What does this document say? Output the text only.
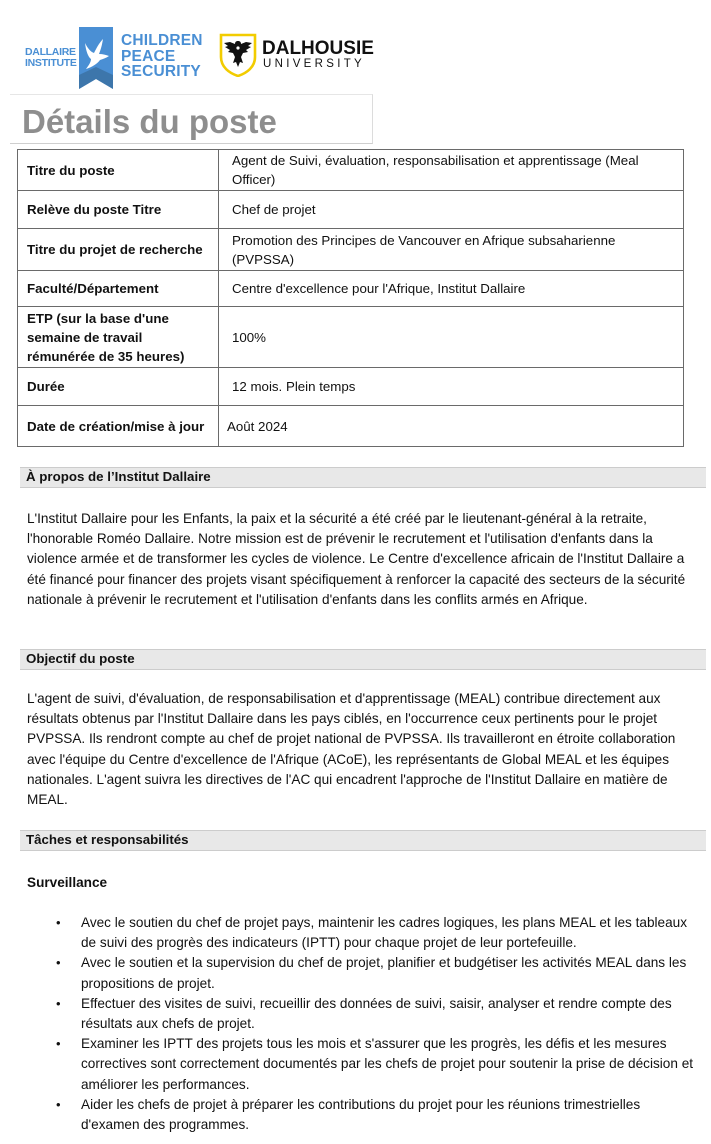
DALLAIRE
INSTITUTE
CHILDREN
PEACE
SECURITY
DALHOUSIE
UNIVERSITY
Détails du poste
Titre du poste	Agent de Suivi, évaluation, responsabilisation et apprentissage (Meal Officer)
Relève du poste Titre	Chef de projet
Titre du projet de recherche	Promotion des Principes de Vancouver en Afrique subsaharienne (PVPSSA)
Faculté/Département	Centre d'excellence pour l'Afrique, Institut Dallaire
ETP (sur la base d'une semaine de travail rémunérée de 35 heures)	100%
Durée	12 mois. Plein temps
Date de création/mise à jour	Août 2024
À propos de l’Institut Dallaire
L'Institut Dallaire pour les Enfants, la paix et la sécurité a été créé par le lieutenant-général à la retraite, l'honorable Roméo Dallaire. Notre mission est de prévenir le recrutement et l'utilisation d'enfants dans la violence armée et de transformer les cycles de violence. Le Centre d'excellence africain de l'Institut Dallaire a été financé pour financer des projets visant spécifiquement à renforcer la capacité des secteurs de la sécurité nationale à prévenir le recrutement et l'utilisation d'enfants dans les conflits armés en Afrique.
Objectif du poste
L'agent de suivi, d'évaluation, de responsabilisation et d'apprentissage (MEAL) contribue directement aux résultats obtenus par l'Institut Dallaire dans les pays ciblés, en l'occurrence ceux pertinents pour le projet PVPSSA. Ils rendront compte au chef de projet national de PVPSSA. Ils travailleront en étroite collaboration avec l'équipe du Centre d'excellence de l'Afrique (ACoE), les représentants de Global MEAL et les équipes nationales. L'agent suivra les directives de l'AC qui encadrent l'approche de l'Institut Dallaire en matière de MEAL.
Tâches et responsabilités
Surveillance
• Avec le soutien du chef de projet pays, maintenir les cadres logiques, les plans MEAL et les tableaux de suivi des progrès des indicateurs (IPTT) pour chaque projet de leur portefeuille.
• Avec le soutien et la supervision du chef de projet, planifier et budgétiser les activités MEAL dans les propositions de projet.
• Effectuer des visites de suivi, recueillir des données de suivi, saisir, analyser et rendre compte des résultats aux chefs de projet.
• Examiner les IPTT des projets tous les mois et s'assurer que les progrès, les défis et les mesures correctives sont correctement documentés par les chefs de projet pour soutenir la prise de décision et améliorer les performances.
• Aider les chefs de projet à préparer les contributions du projet pour les réunions trimestrielles d'examen des programmes.
